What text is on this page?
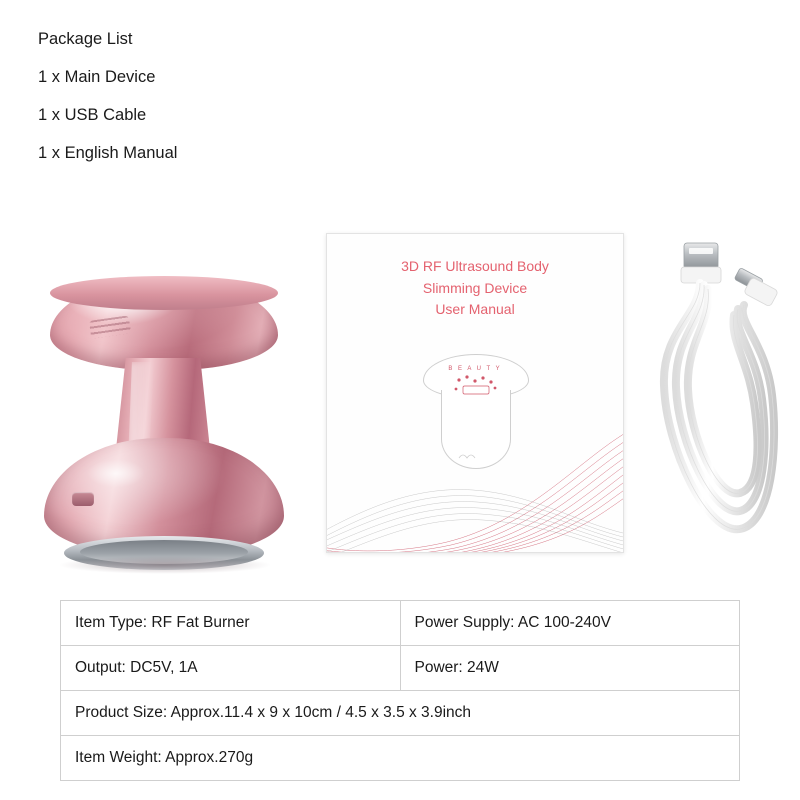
Package List
1 x Main Device
1 x USB Cable
1 x English Manual
3D RF Ultrasound Body
Slimming Device
User Manual
B E A U T Y
Item Type: RF Fat Burner	Power Supply: AC 100-240V
Output: DC5V, 1A	Power: 24W
Product Size: Approx.11.4 x 9 x 10cm / 4.5 x 3.5 x 3.9inch	
Item Weight: Approx.270g	
